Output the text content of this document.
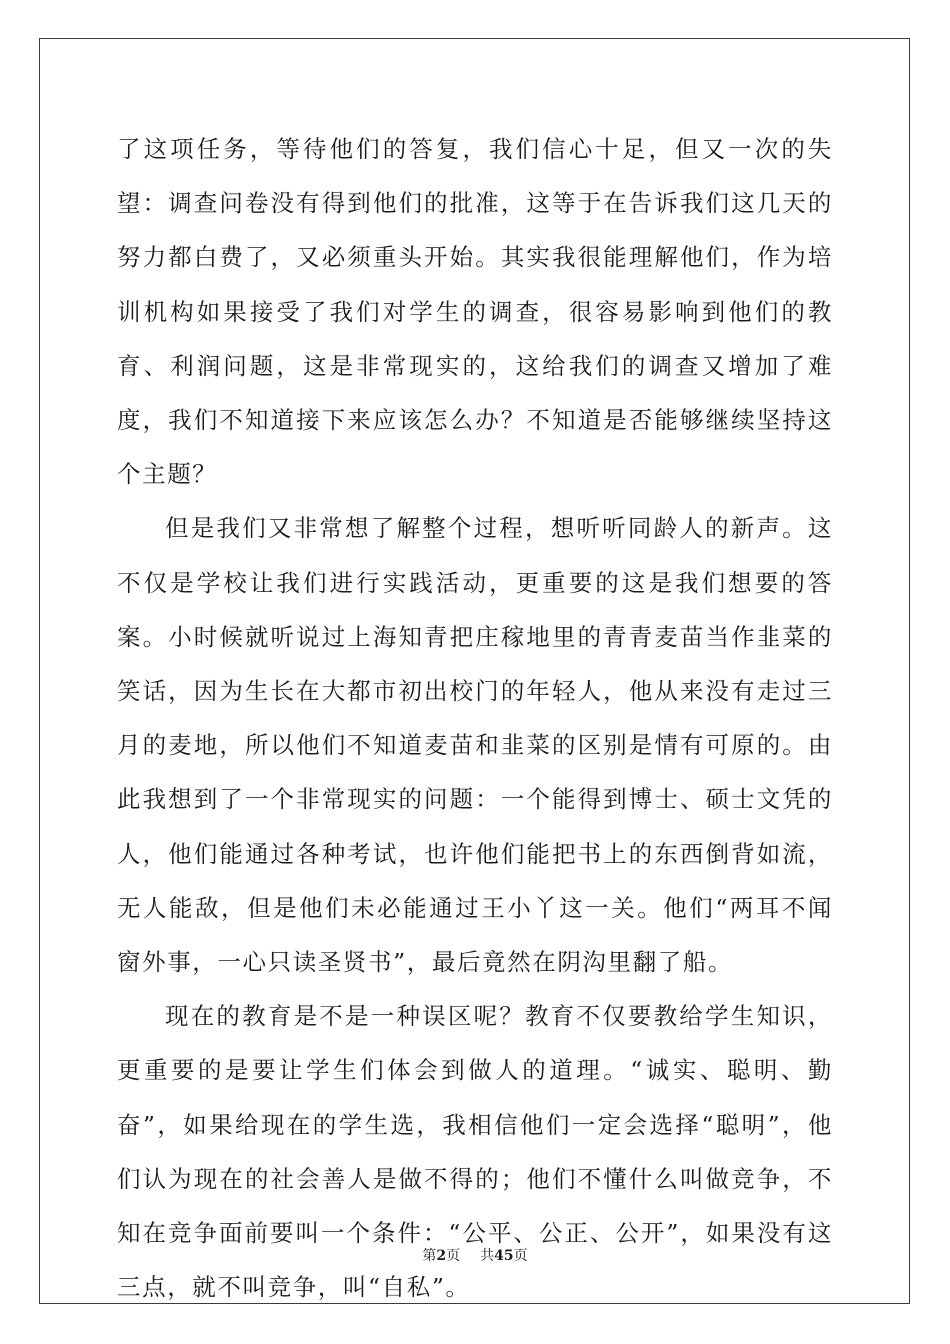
了这项任务，等待他们的答复，我们信心十足，但又一次的失望：调查问卷没有得到他们的批准，这等于在告诉我们这几天的努力都白费了，又必须重头开始。其实我很能理解他们，作为培训机构如果接受了我们对学生的调查，很容易影响到他们的教育、利润问题，这是非常现实的，这给我们的调查又增加了难度，我们不知道接下来应该怎么办？不知道是否能够继续坚持这个主题？

但是我们又非常想了解整个过程，想听听同龄人的新声。这不仅是学校让我们进行实践活动，更重要的这是我们想要的答案。小时候就听说过上海知青把庄稼地里的青青麦苗当作韭菜的笑话，因为生长在大都市初出校门的年轻人，他从来没有走过三月的麦地，所以他们不知道麦苗和韭菜的区别是情有可原的。由此我想到了一个非常现实的问题：一个能得到博士、硕士文凭的人，他们能通过各种考试，也许他们能把书上的东西倒背如流，无人能敌，但是他们未必能通过王小丫这一关。他们“两耳不闻窗外事，一心只读圣贤书”，最后竟然在阴沟里翻了船。

现在的教育是不是一种误区呢？教育不仅要教给学生知识，更重要的是要让学生们体会到做人的道理。“诚实、聪明、勤奋”，如果给现在的学生选，我相信他们一定会选择“聪明”，他们认为现在的社会善人是做不得的；他们不懂什么叫做竞争，不知在竞争面前要叫一个条件：“公平、公正、公开”，如果没有这三点，就不叫竞争，叫“自私”。

第2页 共45页
